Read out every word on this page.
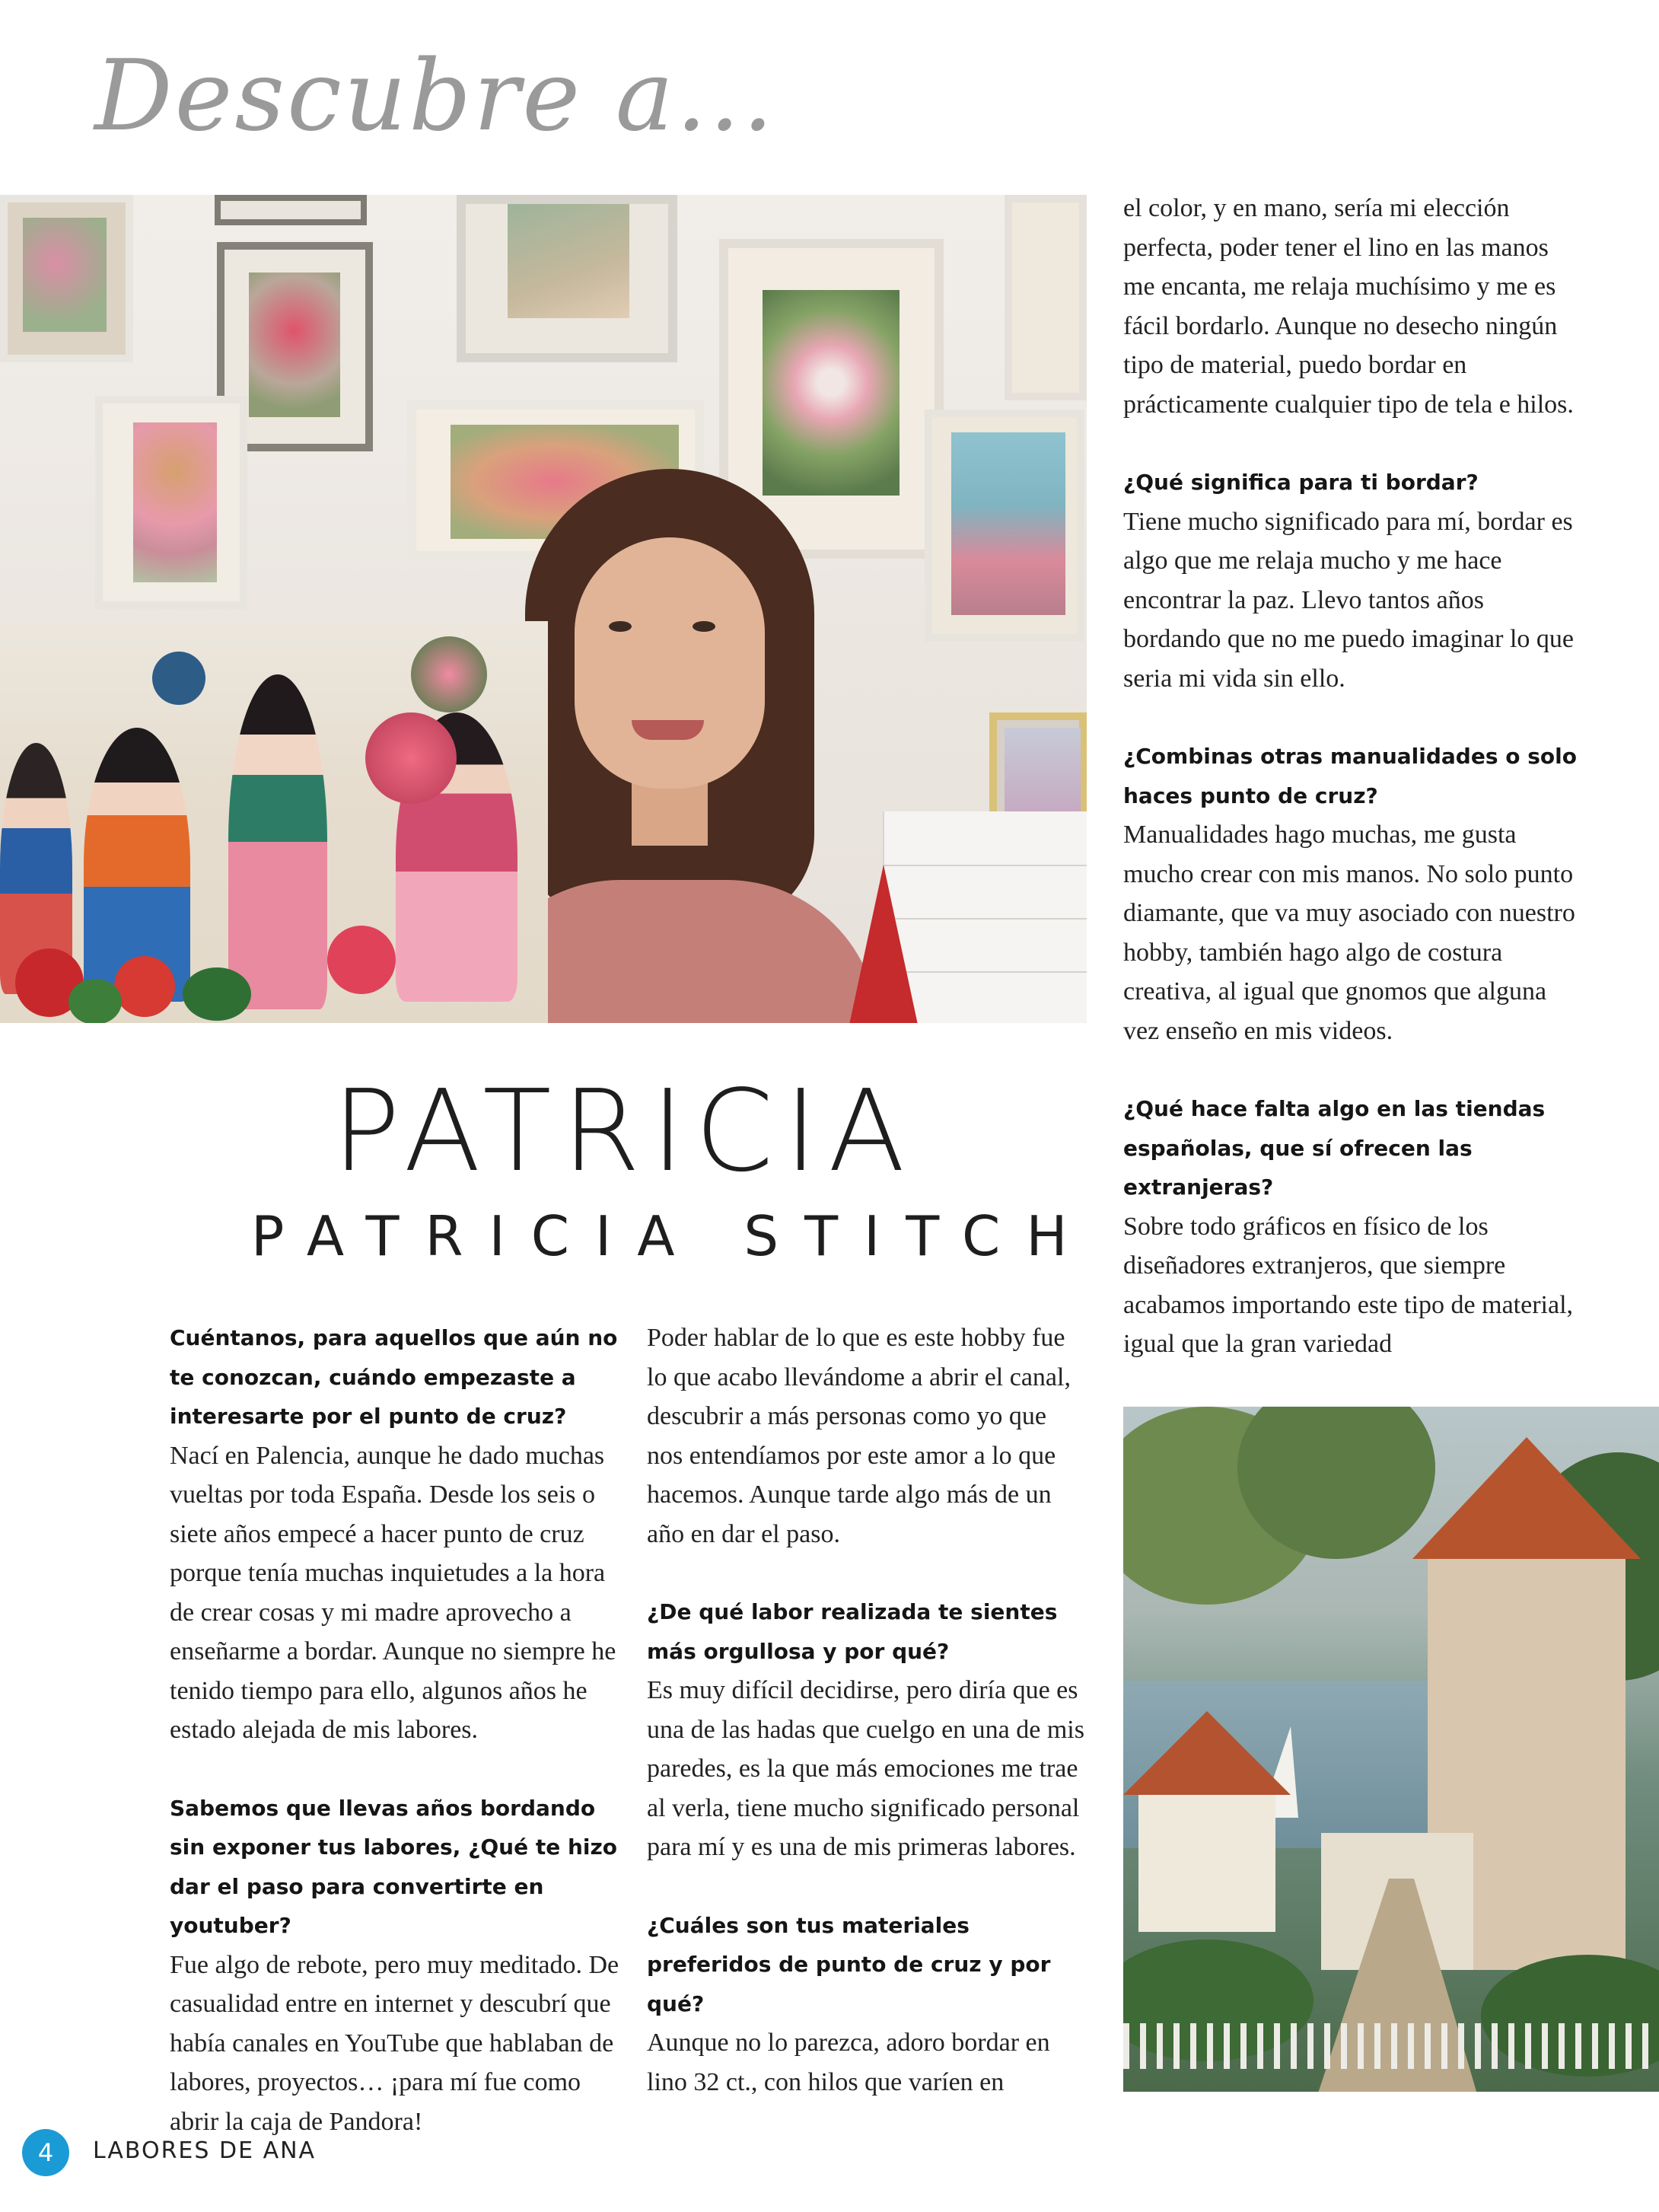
Descubre a...
PATRICIA
PATRICIA STITCH
Cuéntanos, para aquellos que aún no te conozcan, cuándo empezaste a interesarte por el punto de cruz?

Nací en Palencia, aunque he dado muchas vueltas por toda España. Desde los seis o siete años empecé a hacer punto de cruz porque tenía muchas inquietudes a la hora de crear cosas y mi madre aprovecho a enseñarme a bordar. Aunque no siempre he tenido tiempo para ello, algunos años he estado alejada de mis labores.

Sabemos que llevas años bordando sin exponer tus labores, ¿Qué te hizo dar el paso para convertirte en youtuber?

Fue algo de rebote, pero muy meditado. De casualidad entre en internet y descubrí que había canales en YouTube que hablaban de labores, proyectos… ¡para mí fue como abrir la caja de Pandora!

Poder hablar de lo que es este hobby fue lo que acabo llevándome a abrir el canal, descubrir a más personas como yo que nos entendíamos por este amor a lo que hacemos. Aunque tarde algo más de un año en dar el paso.

¿De qué labor realizada te sientes más orgullosa y por qué?

Es muy difícil decidirse, pero diría que es una de las hadas que cuelgo en una de mis paredes, es la que más emociones me trae al verla, tiene mucho significado personal para mí y es una de mis primeras labores.

¿Cuáles son tus materiales preferidos de punto de cruz y por qué?

Aunque no lo parezca, adoro bordar en lino 32 ct., con hilos que varíen en

el color, y en mano, sería mi elección perfecta, poder tener el lino en las manos me encanta, me relaja muchísimo y me es fácil bordarlo. Aunque no desecho ningún tipo de material, puedo bordar en prácticamente cualquier tipo de tela e hilos.

¿Qué significa para ti bordar?

Tiene mucho significado para mí, bordar es algo que me relaja mucho y me hace encontrar la paz. Llevo tantos años bordando que no me puedo imaginar lo que seria mi vida sin ello.

¿Combinas otras manualidades o solo haces punto de cruz?

Manualidades hago muchas, me gusta mucho crear con mis manos. No solo punto diamante, que va muy asociado con nuestro hobby, también hago algo de costura creativa, al igual que gnomos que alguna vez enseño en mis videos.

¿Qué hace falta algo en las tiendas españolas, que sí ofrecen las extranjeras?

Sobre todo gráficos en físico de los diseñadores extranjeros, que siempre acabamos importando este tipo de material, igual que la gran variedad

4	LABORES DE ANA
